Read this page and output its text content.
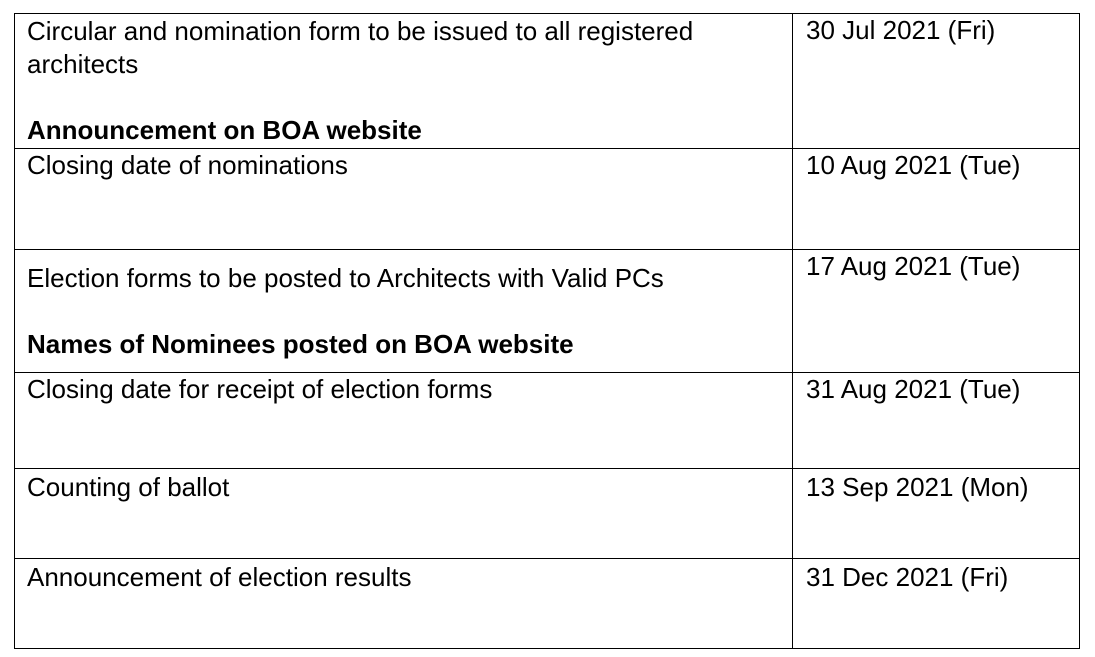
Circular and nomination form to be issued to all registered architects
Announcement on BOA website	30 Jul 2021 (Fri)

Closing date of nominations	10 Aug 2021 (Tue)

Election forms to be posted to Architects with Valid PCs
Names of Nominees posted on BOA website	17 Aug 2021 (Tue)

Closing date for receipt of election forms	31 Aug 2021 (Tue)

Counting of ballot	13 Sep 2021 (Mon)

Announcement of election results	31 Dec 2021 (Fri)
